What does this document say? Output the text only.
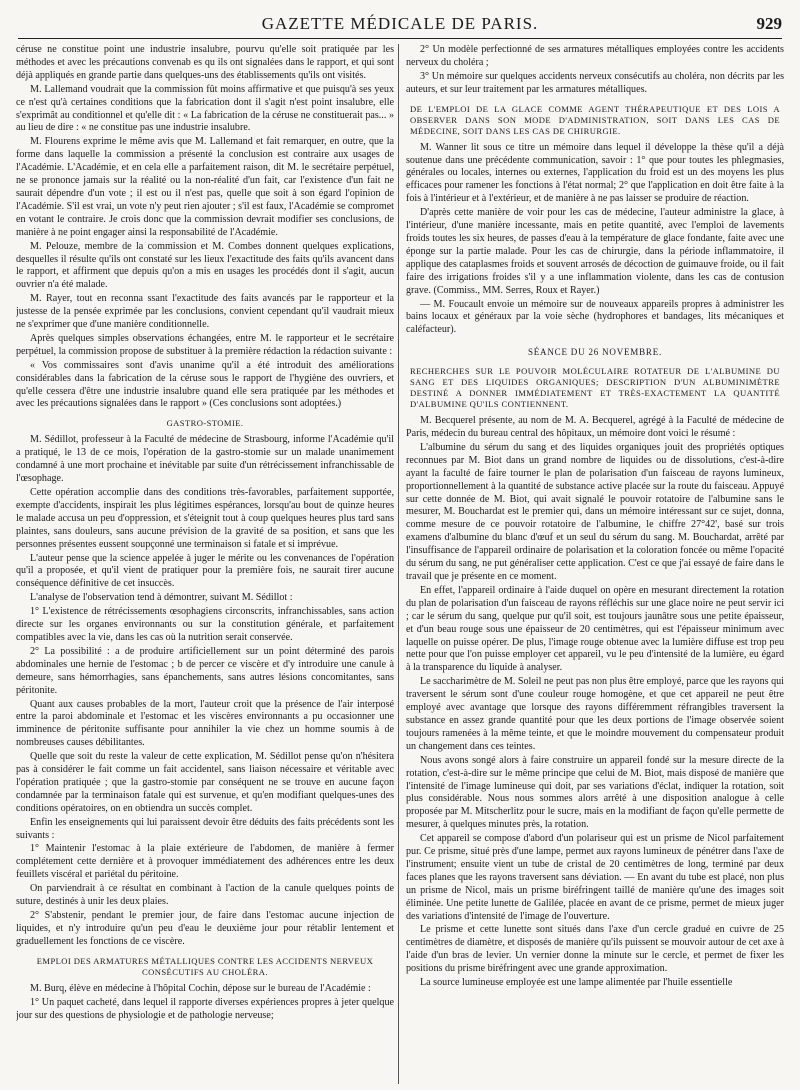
GAZETTE MÉDICALE DE PARIS.	929

céruse ne constitue point une industrie insalubre, pourvu qu'elle soit pratiquée par les méthodes et avec les précautions convenab es qu ils ont signalées dans le rapport, et qui sont déjà appliqués en grande partie dans quelques-uns des établissements qu'ils ont visités.

M. Lallemand voudrait que la commission fût moins affirmative et que puisqu'à ses yeux ce n'est qu'à certaines conditions que la fabrication dont il s'agit n'est point insalubre, elle s'exprimât au conditionnel et qu'elle dit : « La fabrication de la céruse ne constituerait pas... » au lieu de dire : « ne constitue pas une industrie insalubre.

M. Flourens exprime le même avis que M. Lallemand et fait remarquer, en outre, que la forme dans laquelle la commission a présenté la conclusion est contraire aux usages de l'Académie. L'Académie, et en cela elle a parfaitement raison, dit M. le secrétaire perpétuel, ne se prononce jamais sur la réalité ou la non-réalité d'un fait, car l'existence d'un fait ne saurait dépendre d'un vote ; il est ou il n'est pas, quelle que soit à son égard l'opinion de l'Académie. S'il est vrai, un vote n'y peut rien ajouter ; s'il est faux, l'Académie se compromet en votant le contraire. Je crois donc que la commission devrait modifier ses conclusions, de manière à ne point engager ainsi la responsabilité de l'Académie.

M. Pelouze, membre de la commission et M. Combes donnent quelques explications, desquelles il résulte qu'ils ont constaté sur les lieux l'exactitude des faits qu'ils avancent dans le rapport, et affirment que depuis qu'on a mis en usages les procédés dont il s'agit, aucun ouvrier n'a été malade.

M. Rayer, tout en reconna ssant l'exactitude des faits avancés par le rapporteur et la justesse de la pensée exprimée par les conclusions, convient cependant qu'il vaudrait mieux ne s'exprimer que d'une manière conditionnelle.

Après quelques simples observations échangées, entre M. le rapporteur et le secrétaire perpétuel, la commission propose de substituer à la première rédaction la rédaction suivante :

« Vos commissaires sont d'avis unanime qu'il a été introduit des améliorations considérables dans la fabrication de la céruse sous le rapport de l'hygiène des ouvriers, et qu'elle cessera d'être une industrie insalubre quand elle sera pratiquée par les méthodes et avec les précautions signalées dans le rapport » (Ces conclusions sont adoptées.)

GASTRO-STOMIE.

M. Sédillot, professeur à la Faculté de médecine de Strasbourg, informe l'Académie qu'il a pratiqué, le 13 de ce mois, l'opération de la gastro-stomie sur un malade unanimement condamné à une mort prochaine et inévitable par suite d'un rétrécissement infranchissable de l'œsophage.

Cette opération accomplie dans des conditions très-favorables, parfaitement supportée, exempte d'accidents, inspirait les plus légitimes espérances, lorsqu'au bout de quinze heures le malade accusa un peu d'oppression, et s'éteignit tout à coup quelques heures plus tard sans plaintes, sans douleurs, sans aucune prévision de la gravité de sa position, et sans que les personnes présentes eussent soupçonné une terminaison si fatale et si imprévue.

L'auteur pense que la science appelée à juger le mérite ou les convenances de l'opération qu'il a proposée, et qu'il vient de pratiquer pour la première fois, ne saurait tirer aucune conséquence définitive de cet insuccès.

L'analyse de l'observation tend à démontrer, suivant M. Sédillot :

1° L'existence de rétrécissements œsophagiens circonscrits, infranchissables, sans action directe sur les organes environnants ou sur la constitution générale, et parfaitement compatibles avec la vie, dans les cas où la nutrition serait conservée.

2° La possibilité : a de produire artificiellement sur un point déterminé des parois abdominales une hernie de l'estomac ; b de percer ce viscère et d'y introduire une canule à demeure, sans hémorrhagies, sans épanchements, sans autres lésions concomitantes, sans péritonite.

Quant aux causes probables de la mort, l'auteur croit que la présence de l'air interposé entre la paroi abdominale et l'estomac et les viscères environnants a pu occasionner une imminence de péritonite suffisante pour annihiler la vie chez un homme soumis à de nombreuses causes débilitantes.

Quelle que soit du reste la valeur de cette explication, M. Sédillot pense qu'on n'hésitera pas à considérer le fait comme un fait accidentel, sans liaison nécessaire et véritable avec l'opération pratiquée ; que la gastro-stomie par conséquent ne se trouve en aucune façon condamnée par la terminaison fatale qui est survenue, et qu'en modifiant quelques-unes des conditions opératoires, on en obtiendra un succès complet.

Enfin les enseignements qui lui paraissent devoir être déduits des faits précédents sont les suivants :

1° Maintenir l'estomac à la plaie extérieure de l'abdomen, de manière à fermer complétement cette dernière et à provoquer immédiatement des adhérences entre les deux feuillets viscéral et pariétal du péritoine.

On parviendrait à ce résultat en combinant à l'action de la canule quelques points de suture, destinés à unir les deux plaies.

2° S'abstenir, pendant le premier jour, de faire dans l'estomac aucune injection de liquides, et n'y introduire qu'un peu d'eau le deuxième jour pour rétablir lentement et graduellement les fonctions de ce viscère.

EMPLOI DES ARMATURES MÉTALLIQUES CONTRE LES ACCIDENTS NERVEUX CONSÉCUTIFS AU CHOLÉRA.

M. Burq, élève en médecine à l'hôpital Cochin, dépose sur le bureau de l'Académie :

1° Un paquet cacheté, dans lequel il rapporte diverses expériences propres à jeter quelque jour sur des questions de physiologie et de pathologie nerveuse;

2° Un modèle perfectionné de ses armatures métalliques employées contre les accidents nerveux du choléra ;

3° Un mémoire sur quelques accidents nerveux consécutifs au choléra, non décrits par les auteurs, et sur leur traitement par les armatures métalliques.

DE L'EMPLOI DE LA GLACE COMME AGENT THÉRAPEUTIQUE ET DES LOIS A OBSERVER DANS SON MODE D'ADMINISTRATION, SOIT DANS LES CAS DE MÉDECINE, SOIT DANS LES CAS DE CHIRURGIE.

M. Wanner lit sous ce titre un mémoire dans lequel il développe la thèse qu'il a déjà soutenue dans une précédente communication, savoir : 1° que pour toutes les phlegmasies, générales ou locales, internes ou externes, l'application du froid est un des moyens les plus efficaces pour ramener les fonctions à l'état normal; 2° que l'application en doit être faite à la fois à l'intérieur et à l'extérieur, et de manière à ne pas laisser se produire de réaction.

D'après cette manière de voir pour les cas de médecine, l'auteur administre la glace, à l'intérieur, d'une manière incessante, mais en petite quantité, avec l'emploi de lavements froids toutes les six heures, de passes d'eau à la température de glace fondante, faite avec une éponge sur la partie malade. Pour les cas de chirurgie, dans la période inflammatoire, il applique des cataplasmes froids et souvent arrosés de décoction de guimauve froide, ou il fait faire des irrigations froides s'il y a une inflammation violente, dans les cas de contusion grave. (Commiss., MM. Serres, Roux et Rayer.)

— M. Foucault envoie un mémoire sur de nouveaux appareils propres à administrer les bains locaux et généraux par la voie sèche (hydrophores et bandages, lits mécaniques et caléfacteur).

SÉANCE DU 26 NOVEMBRE.
RECHERCHES SUR LE POUVOIR MOLÉCULAIRE ROTATEUR DE L'ALBUMINE DU SANG ET DES LIQUIDES ORGANIQUES; DESCRIPTION D'UN ALBUMINIMÈTRE DESTINÉ A DONNER IMMÉDIATEMENT ET TRÈS-EXACTEMENT LA QUANTITÉ D'ALBUMINE QU'ILS CONTIENNENT.

M. Becquerel présente, au nom de M. A. Becquerel, agrégé à la Faculté de médecine de Paris, médecin du bureau central des hôpitaux, un mémoire dont voici le résumé :

L'albumine du sérum du sang et des liquides organiques jouit des propriétés optiques reconnues par M. Biot dans un grand nombre de liquides ou de dissolutions, c'est-à-dire ayant la faculté de faire tourner le plan de polarisation d'un faisceau de rayons lumineux, proportionnellement à la quantité de substance active placée sur la route du faisceau. Appuyé sur cette donnée de M. Biot, qui avait signalé le pouvoir rotatoire de l'albumine sans le mesurer, M. Bouchardat est le premier qui, dans un mémoire intéressant sur ce sujet, donna, comme mesure de ce pouvoir rotatoire de l'albumine, le chiffre 27°42', basé sur trois examens d'albumine du blanc d'œuf et un seul du sérum du sang. M. Bouchardat, arrêté par l'insuffisance de l'appareil ordinaire de polarisation et la coloration foncée ou même l'opacité du sérum du sang, ne put généraliser cette application. C'est ce que j'ai essayé de faire dans le travail que je présente en ce moment.

En effet, l'appareil ordinaire à l'aide duquel on opère en mesurant directement la rotation du plan de polarisation d'un faisceau de rayons réfléchis sur une glace noire ne peut servir ici ; car le sérum du sang, quelque pur qu'il soit, est toujours jaunâtre sous une petite épaisseur, et d'un beau rouge sous une épaisseur de 20 centimètres, qui est l'épaisseur minimum avec laquelle on puisse opérer. De plus, l'image rouge obtenue avec la lumière diffuse est trop peu nette pour que l'on puisse employer cet appareil, vu le peu d'intensité de la lumière, eu égard à la transparence du liquide à analyser.

Le saccharimètre de M. Soleil ne peut pas non plus être employé, parce que les rayons qui traversent le sérum sont d'une couleur rouge homogène, et que cet appareil ne peut être employé avec avantage que lorsque des rayons différemment réfrangibles traversent la substance en assez grande quantité pour que les deux portions de l'image observée soient toujours ramenées à la même teinte, et que le moindre mouvement du compensateur produit un changement dans ces teintes.

Nous avons songé alors à faire construire un appareil fondé sur la mesure directe de la rotation, c'est-à-dire sur le même principe que celui de M. Biot, mais disposé de manière que l'intensité de l'image lumineuse qui doit, par ses variations d'éclat, indiquer la rotation, soit plus considérable. Nous nous sommes alors arrêté à une disposition analogue à celle proposée par M. Mitscherlitz pour le sucre, mais en la modifiant de façon qu'elle permette de mesurer, à quelques minutes près, la rotation.

Cet appareil se compose d'abord d'un polariseur qui est un prisme de Nicol parfaitement pur. Ce prisme, situé près d'une lampe, permet aux rayons lumineux de pénétrer dans l'axe de l'instrument; ensuite vient un tube de cristal de 20 centimètres de long, terminé par deux faces planes que les rayons traversent sans déviation. — En avant du tube est placé, non plus un prisme de Nicol, mais un prisme biréfringent taillé de manière qu'une des images soit éliminée. Une petite lunette de Galilée, placée en avant de ce prisme, permet de mieux juger des variations d'intensité de l'image de l'ouverture.

Le prisme et cette lunette sont situés dans l'axe d'un cercle gradué en cuivre de 25 centimètres de diamètre, et disposés de manière qu'ils puissent se mouvoir autour de cet axe à l'aide d'un bras de levier. Un vernier donne la minute sur le cercle, et permet de fixer les positions du prisme biréfringent avec une grande approximation.

La source lumineuse employée est une lampe alimentée par l'huile essentielle
